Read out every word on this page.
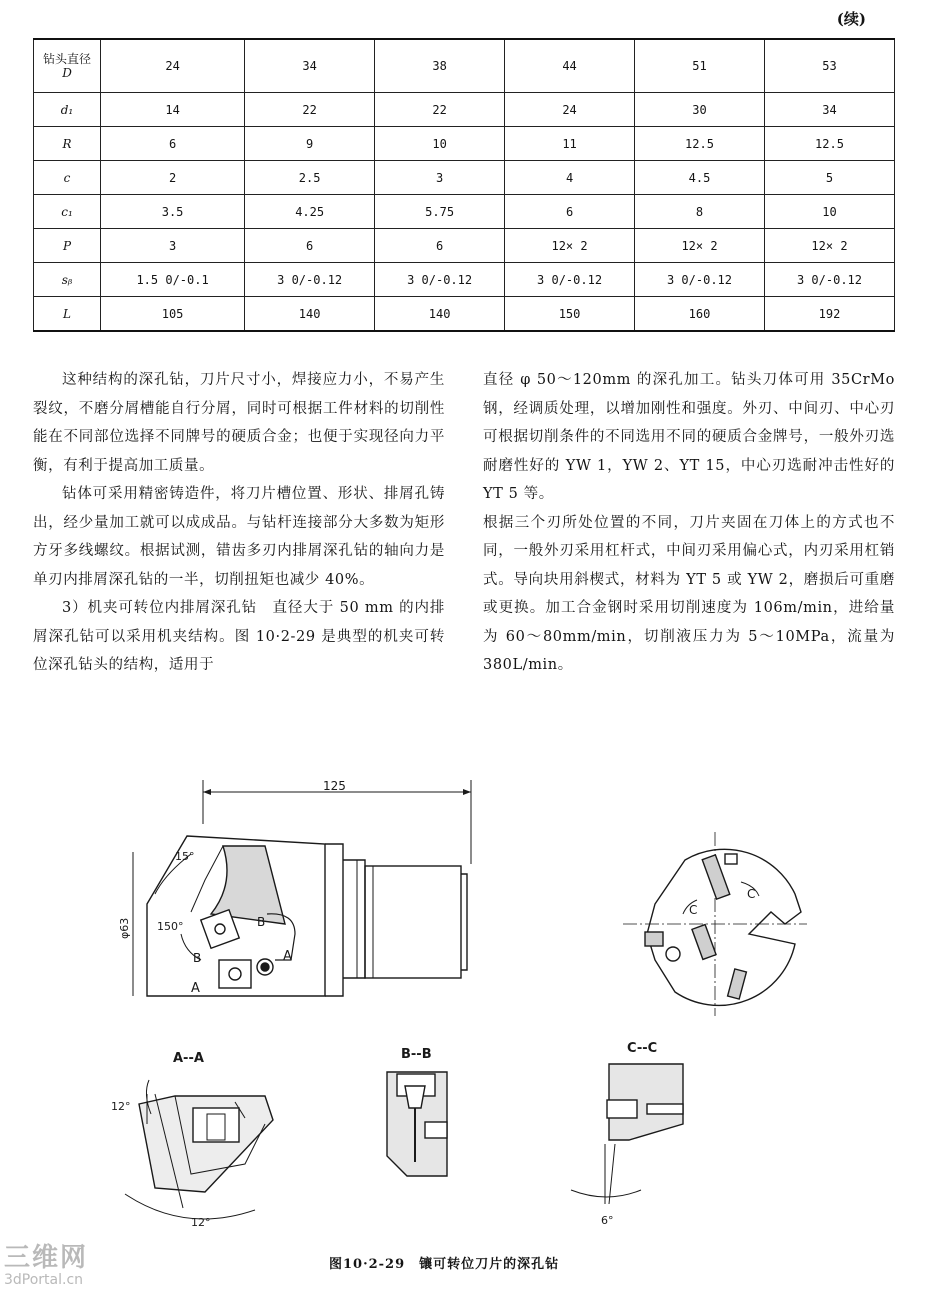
(续)
钻头直径
D	24	34	38	44	51	53
d₁	14	22	22	24	30	34
R	6	9	10	11	12.5	12.5
c	2	2.5	3	4	4.5	5
c₁	3.5	4.25	5.75	6	8	10
P	3	6	6	12× 2	12× 2	12× 2
sᵦ	1.5 0/-0.1	3 0/-0.12	3 0/-0.12	3 0/-0.12	3 0/-0.12	3 0/-0.12
L	105	140	140	150	160	192

这种结构的深孔钻，刀片尺寸小，焊接应力小，不易产生裂纹，不磨分屑槽能自行分屑，同时可根据工件材料的切削性能在不同部位选择不同牌号的硬质合金；也便于实现径向力平衡，有利于提高加工质量。

钻体可采用精密铸造件，将刀片槽位置、形状、排屑孔铸出，经少量加工就可以成成品。与钻杆连接部分大多数为矩形方牙多线螺纹。根据试测，错齿多刃内排屑深孔钻的轴向力是单刃内排屑深孔钻的一半，切削扭矩也减少 40%。

3）机夹可转位内排屑深孔钻　直径大于 50 mm 的内排屑深孔钻可以采用机夹结构。图 10·2-29 是典型的机夹可转位深孔钻头的结构，适用于

直径 φ 50～120mm 的深孔加工。钻头刀体可用 35CrMo 钢，经调质处理，以增加刚性和强度。外刃、中间刃、中心刃可根据切削条件的不同选用不同的硬质合金牌号，一般外刃选耐磨性好的 YW 1，YW 2、YT 15，中心刃选耐冲击性好的 YT 5 等。

根据三个刃所处位置的不同，刀片夹固在刀体上的方式也不同，一般外刃采用杠杆式，中间刃采用偏心式，内刃采用杠销式。导向块用斜楔式，材料为 YT 5 或 YW 2，磨损后可重磨或更换。加工合金钢时采用切削速度为 106m/min，进给量为 60～80mm/min，切削液压力为 5～10MPa，流量为 380L/min。

125
φ63
15°
150°	B
B
A
A
C
C
A--A
12°
12°
B--B	C--C
6°
图10·2-29　镶可转位刀片的深孔钻
三维网
3dPortal.cn
